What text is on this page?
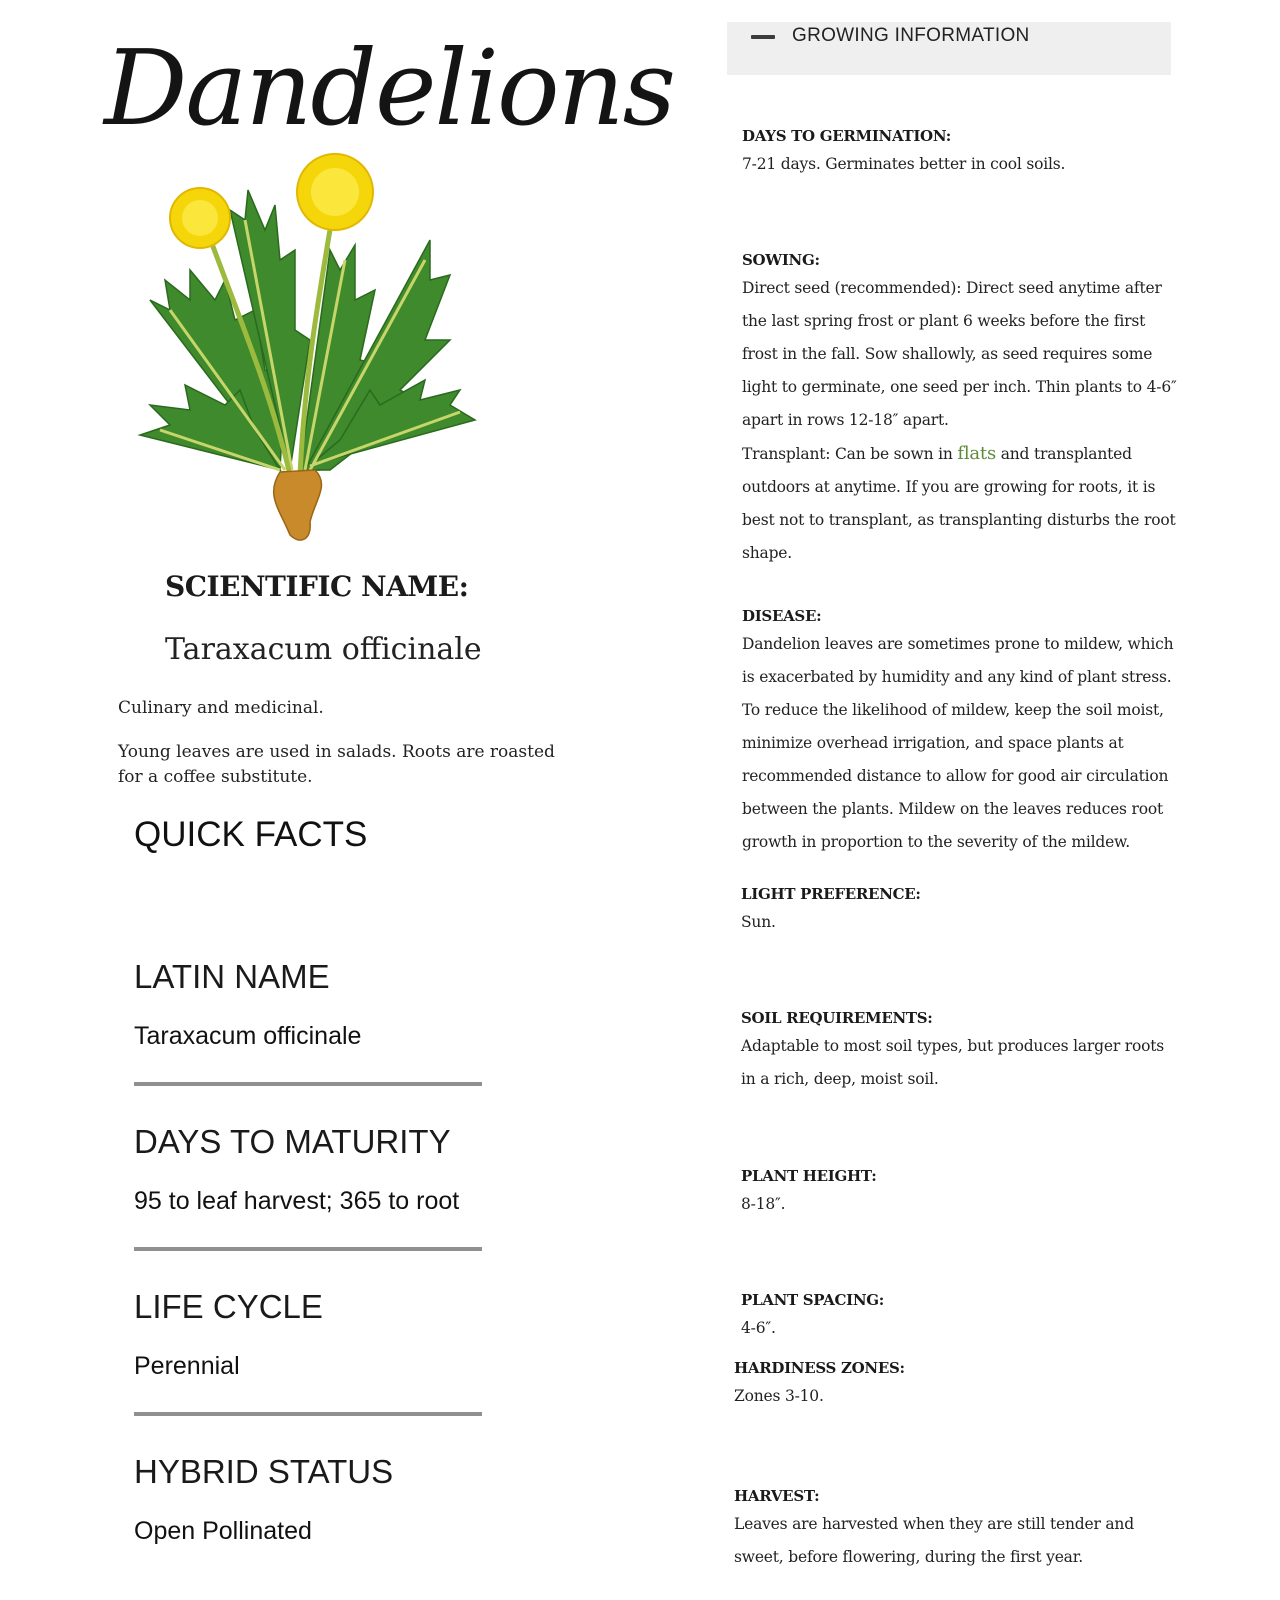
Dandelions
SCIENTIFIC NAME:

Taraxacum officinale

Culinary and medicinal.

Young leaves are used in salads. Roots are roasted for a coffee substitute.

QUICK FACTS

LATIN NAME

Taraxacum officinale

DAYS TO MATURITY

95 to leaf harvest; 365 to root

LIFE CYCLE

Perennial

HYBRID STATUS

Open Pollinated

GROWING INFORMATION

DAYS TO GERMINATION:

7-21 days. Germinates better in cool soils.

SOWING:

Direct seed (recommended): Direct seed anytime after the last spring frost or plant 6 weeks before the first frost in the fall. Sow shallowly, as seed requires some light to germinate, one seed per inch. Thin plants to 4-6″ apart in rows 12-18″ apart.

Transplant: Can be sown in flats and transplanted outdoors at anytime. If you are growing for roots, it is best not to transplant, as transplanting disturbs the root shape.

DISEASE:

Dandelion leaves are sometimes prone to mildew, which is exacerbated by humidity and any kind of plant stress. To reduce the likelihood of mildew, keep the soil moist, minimize overhead irrigation, and space plants at recommended distance to allow for good air circulation between the plants. Mildew on the leaves reduces root growth in proportion to the severity of the mildew.

LIGHT PREFERENCE:

Sun.

SOIL REQUIREMENTS:

Adaptable to most soil types, but produces larger roots in a rich, deep, moist soil.

PLANT HEIGHT:

8-18″.

PLANT SPACING:

4-6″.

HARDINESS ZONES:

Zones 3-10.

HARVEST:

Leaves are harvested when they are still tender and sweet, before flowering, during the first year.
